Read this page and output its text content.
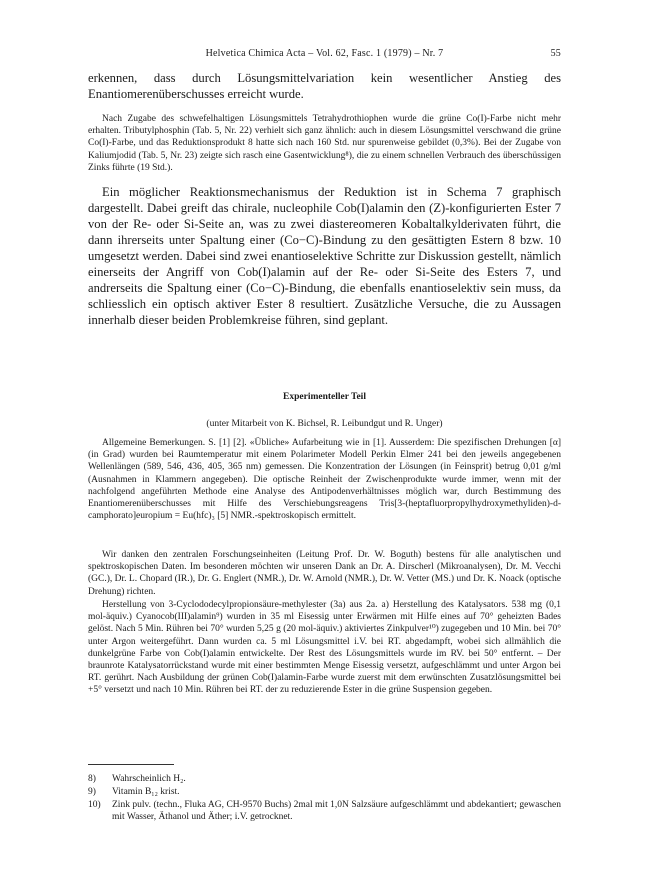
Helvetica Chimica Acta – Vol. 62, Fasc. 1 (1979) – Nr. 7	55

erkennen, dass durch Lösungsmittelvariation kein wesentlicher Anstieg des Enantiomerenüberschusses erreicht wurde.

Nach Zugabe des schwefelhaltigen Lösungsmittels Tetrahydrothiophen wurde die grüne Co(I)-Farbe nicht mehr erhalten. Tributylphosphin (Tab. 5, Nr. 22) verhielt sich ganz ähnlich: auch in diesem Lösungsmittel verschwand die grüne Co(I)-Farbe, und das Reduktionsprodukt 8 hatte sich nach 160 Std. nur spurenweise gebildet (0,3%). Bei der Zugabe von Kaliumjodid (Tab. 5, Nr. 23) zeigte sich rasch eine Gasentwicklung⁸), die zu einem schnellen Verbrauch des überschüssigen Zinks führte (19 Std.).

Ein möglicher Reaktionsmechanismus der Reduktion ist in Schema 7 graphisch dargestellt. Dabei greift das chirale, nucleophile Cob(I)alamin den (Z)-konfigurierten Ester 7 von der Re- oder Si-Seite an, was zu zwei diastereomeren Kobaltalkylderivaten führt, die dann ihrerseits unter Spaltung einer (Co−C)-Bindung zu den gesättigten Estern 8 bzw. 10 umgesetzt werden. Dabei sind zwei enantioselektive Schritte zur Diskussion gestellt, nämlich einerseits der Angriff von Cob(I)alamin auf der Re- oder Si-Seite des Esters 7, und andrerseits die Spaltung einer (Co−C)-Bindung, die ebenfalls enantioselektiv sein muss, da schliesslich ein optisch aktiver Ester 8 resultiert. Zusätzliche Versuche, die zu Aussagen innerhalb dieser beiden Problemkreise führen, sind geplant.

Experimenteller Teil
(unter Mitarbeit von K. Bichsel, R. Leibundgut und R. Unger)

Allgemeine Bemerkungen. S. [1] [2]. «Übliche» Aufarbeitung wie in [1]. Ausserdem: Die spezifischen Drehungen [α] (in Grad) wurden bei Raumtemperatur mit einem Polarimeter Modell Perkin Elmer 241 bei den jeweils angegebenen Wellenlängen (589, 546, 436, 405, 365 nm) gemessen. Die Konzentration der Lösungen (in Feinsprit) betrug 0,01 g/ml (Ausnahmen in Klammern angegeben). Die optische Reinheit der Zwischenprodukte wurde immer, wenn mit der nachfolgend angeführten Methode eine Analyse des Antipodenverhältnisses möglich war, durch Bestimmung des Enantiomerenüberschusses mit Hilfe des Verschiebungsreagens Tris[3-(heptafluorpropylhydroxymethyliden)-d-camphorato]europium = Eu(hfc)₃ [5] NMR.-spektroskopisch ermittelt.

Wir danken den zentralen Forschungseinheiten (Leitung Prof. Dr. W. Boguth) bestens für alle analytischen und spektroskopischen Daten. Im besonderen möchten wir unseren Dank an Dr. A. Dirscherl (Mikroanalysen), Dr. M. Vecchi (GC.), Dr. L. Chopard (IR.), Dr. G. Englert (NMR.), Dr. W. Arnold (NMR.), Dr. W. Vetter (MS.) und Dr. K. Noack (optische Drehung) richten.

Herstellung von 3-Cyclododecylpropionsäure-methylester (3a) aus 2a. a) Herstellung des Katalysators. 538 mg (0,1 mol-äquiv.) Cyanocob(III)alamin⁹) wurden in 35 ml Eisessig unter Erwärmen mit Hilfe eines auf 70° geheizten Bades gelöst. Nach 5 Min. Rühren bei 70° wurden 5,25 g (20 mol-äquiv.) aktiviertes Zinkpulver¹⁰) zugegeben und 10 Min. bei 70° unter Argon weitergeführt. Dann wurden ca. 5 ml Lösungsmittel i.V. bei RT. abgedampft, wobei sich allmählich die dunkelgrüne Farbe von Cob(I)alamin entwickelte. Der Rest des Lösungsmittels wurde im RV. bei 50° entfernt. – Der braunrote Katalysatorrückstand wurde mit einer bestimmten Menge Eisessig versetzt, aufgeschlämmt und unter Argon bei RT. gerührt. Nach Ausbildung der grünen Cob(I)alamin-Farbe wurde zuerst mit dem erwünschten Zusatzlösungsmittel bei +5° versetzt und nach 10 Min. Rühren bei RT. der zu reduzierende Ester in die grüne Suspension gegeben.

8)	Wahrscheinlich H₂.
9)	Vitamin B₁₂ krist.
10)	Zink pulv. (techn., Fluka AG, CH-9570 Buchs) 2mal mit 1,0N Salzsäure aufgeschlämmt und abdekantiert; gewaschen mit Wasser, Äthanol und Äther; i.V. getrocknet.
